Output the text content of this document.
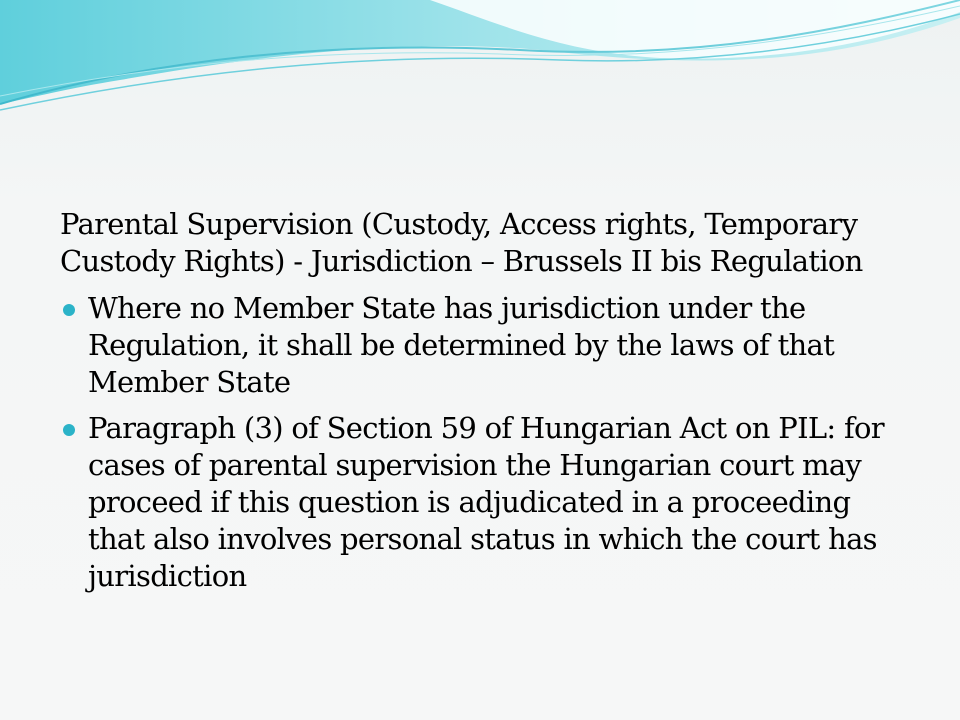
Parental Supervision (Custody, Access rights, Temporary Custody Rights) - Jurisdiction – Brussels II bis Regulation

Where no Member State has jurisdiction under the Regulation, it shall be determined by the laws of that Member State
Paragraph (3) of Section 59 of Hungarian Act on PIL: for cases of parental supervision the Hungarian court may proceed if this question is adjudicated in a proceeding that also involves personal status in which the court has jurisdiction
